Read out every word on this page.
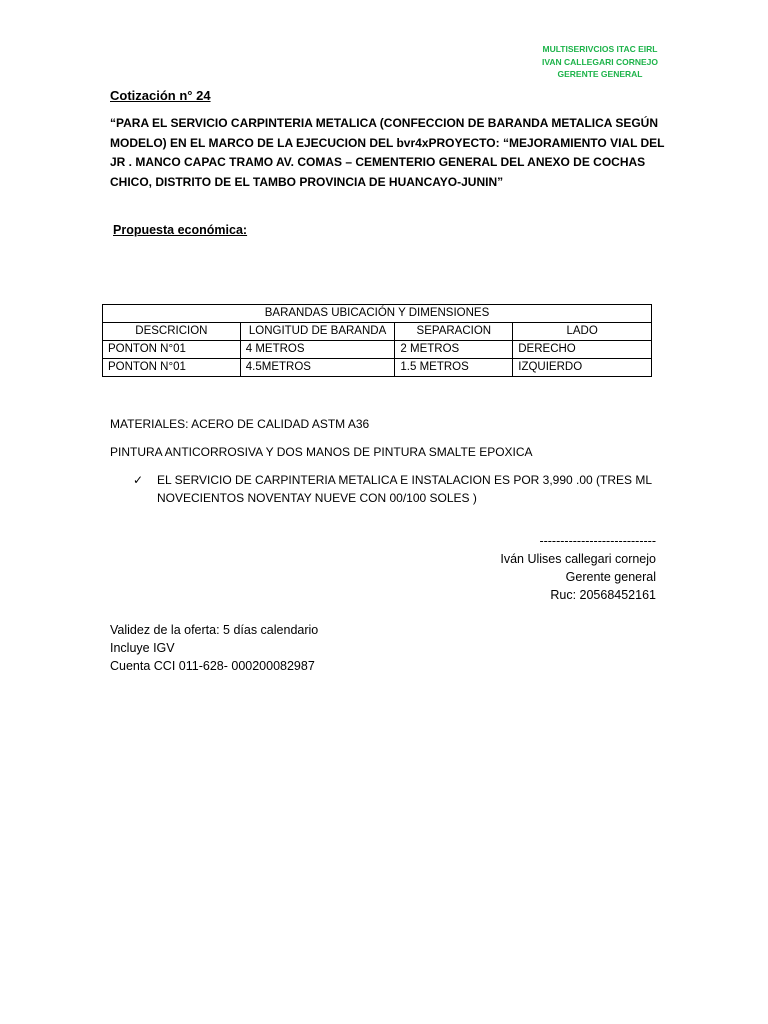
MULTISERIVCIOS ITAC EIRL
IVAN CALLEGARI CORNEJO
GERENTE GENERAL
Cotización n° 24
“PARA EL SERVICIO CARPINTERIA METALICA (CONFECCION DE BARANDA METALICA SEGÚN
MODELO) EN EL MARCO DE LA EJECUCION DEL bvr4xPROYECTO: “MEJORAMIENTO VIAL DEL
JR . MANCO CAPAC TRAMO AV. COMAS – CEMENTERIO GENERAL DEL ANEXO DE COCHAS
CHICO, DISTRITO DE EL TAMBO PROVINCIA DE HUANCAYO-JUNIN”
Propuesta económica:
BARANDAS UBICACIÓN Y DIMENSIONES			
DESCRICION	LONGITUD DE BARANDA	SEPARACION	LADO
PONTON N°01	4 METROS	2 METROS	DERECHO
PONTON N°01	4.5METROS	1.5 METROS	IZQUIERDO
MATERIALES: ACERO DE CALIDAD ASTM A36
PINTURA ANTICORROSIVA Y DOS MANOS DE PINTURA SMALTE EPOXICA
✓ EL SERVICIO DE CARPINTERIA METALICA E INSTALACION ES POR 3,990 .00 (TRES ML
NOVECIENTOS NOVENTAY NUEVE CON 00/100 SOLES )
----------------------------
Iván Ulises callegari cornejo
Gerente general
Ruc: 20568452161
Validez de la oferta: 5 días calendario
Incluye IGV
Cuenta CCI 011-628- 000200082987
